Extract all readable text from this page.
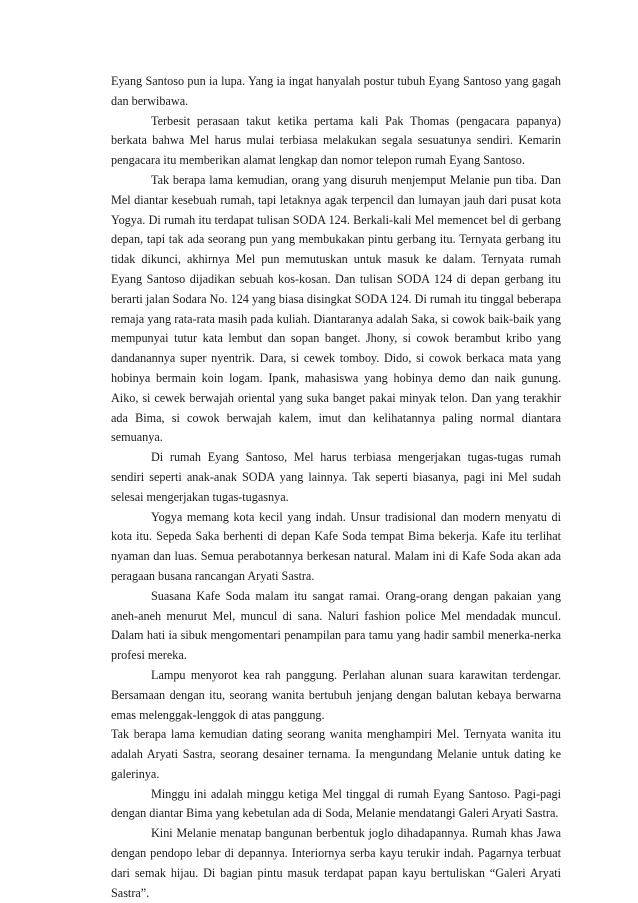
Eyang Santoso pun ia lupa. Yang ia ingat hanyalah postur tubuh Eyang Santoso yang gagah dan berwibawa.

Terbesit perasaan takut ketika pertama kali Pak Thomas (pengacara papanya) berkata bahwa Mel harus mulai terbiasa melakukan segala sesuatunya sendiri. Kemarin pengacara itu memberikan alamat lengkap dan nomor telepon rumah Eyang Santoso.

Tak berapa lama kemudian, orang yang disuruh menjemput Melanie pun tiba. Dan Mel diantar kesebuah rumah, tapi letaknya agak terpencil dan lumayan jauh dari pusat kota Yogya. Di rumah itu terdapat tulisan SODA 124. Berkali-kali Mel memencet bel di gerbang depan, tapi tak ada seorang pun yang membukakan pintu gerbang itu. Ternyata gerbang itu tidak dikunci, akhirnya Mel pun memutuskan untuk masuk ke dalam. Ternyata rumah Eyang Santoso dijadikan sebuah kos-kosan. Dan tulisan SODA 124 di depan gerbang itu berarti jalan Sodara No. 124 yang biasa disingkat SODA 124. Di rumah itu tinggal beberapa remaja yang rata-rata masih pada kuliah. Diantaranya adalah Saka, si cowok baik-baik yang mempunyai tutur kata lembut dan sopan banget. Jhony, si cowok berambut kribo yang dandanannya super nyentrik. Dara, si cewek tomboy. Dido, si cowok berkaca mata yang hobinya bermain koin logam. Ipank, mahasiswa yang hobinya demo dan naik gunung. Aiko, si cewek berwajah oriental yang suka banget pakai minyak telon. Dan yang terakhir ada Bima, si cowok berwajah kalem, imut dan kelihatannya paling normal diantara semuanya.

Di rumah Eyang Santoso, Mel harus terbiasa mengerjakan tugas-tugas rumah sendiri seperti anak-anak SODA yang lainnya. Tak seperti biasanya, pagi ini Mel sudah selesai mengerjakan tugas-tugasnya.

Yogya memang kota kecil yang indah. Unsur tradisional dan modern menyatu di kota itu. Sepeda Saka berhenti di depan Kafe Soda tempat Bima bekerja. Kafe itu terlihat nyaman dan luas. Semua perabotannya berkesan natural. Malam ini di Kafe Soda akan ada peragaan busana rancangan Aryati Sastra.

Suasana Kafe Soda malam itu sangat ramai. Orang-orang dengan pakaian yang aneh-aneh menurut Mel, muncul di sana. Naluri fashion police Mel mendadak muncul. Dalam hati ia sibuk mengomentari penampilan para tamu yang hadir sambil menerka-nerka profesi mereka.

Lampu menyorot kea rah panggung. Perlahan alunan suara karawitan terdengar. Bersamaan dengan itu, seorang wanita bertubuh jenjang dengan balutan kebaya berwarna emas melenggak-lenggok di atas panggung.

Tak berapa lama kemudian dating seorang wanita menghampiri Mel. Ternyata wanita itu adalah Aryati Sastra, seorang desainer ternama. Ia mengundang Melanie untuk dating ke galerinya.

Minggu ini adalah minggu ketiga Mel tinggal di rumah Eyang Santoso. Pagi-pagi dengan diantar Bima yang kebetulan ada di Soda, Melanie mendatangi Galeri Aryati Sastra.

Kini Melanie menatap bangunan berbentuk joglo dihadapannya. Rumah khas Jawa dengan pendopo lebar di depannya. Interiornya serba kayu terukir indah. Pagarnya terbuat dari semak hijau. Di bagian pintu masuk terdapat papan kayu bertuliskan “Galeri Aryati Sastra”.
